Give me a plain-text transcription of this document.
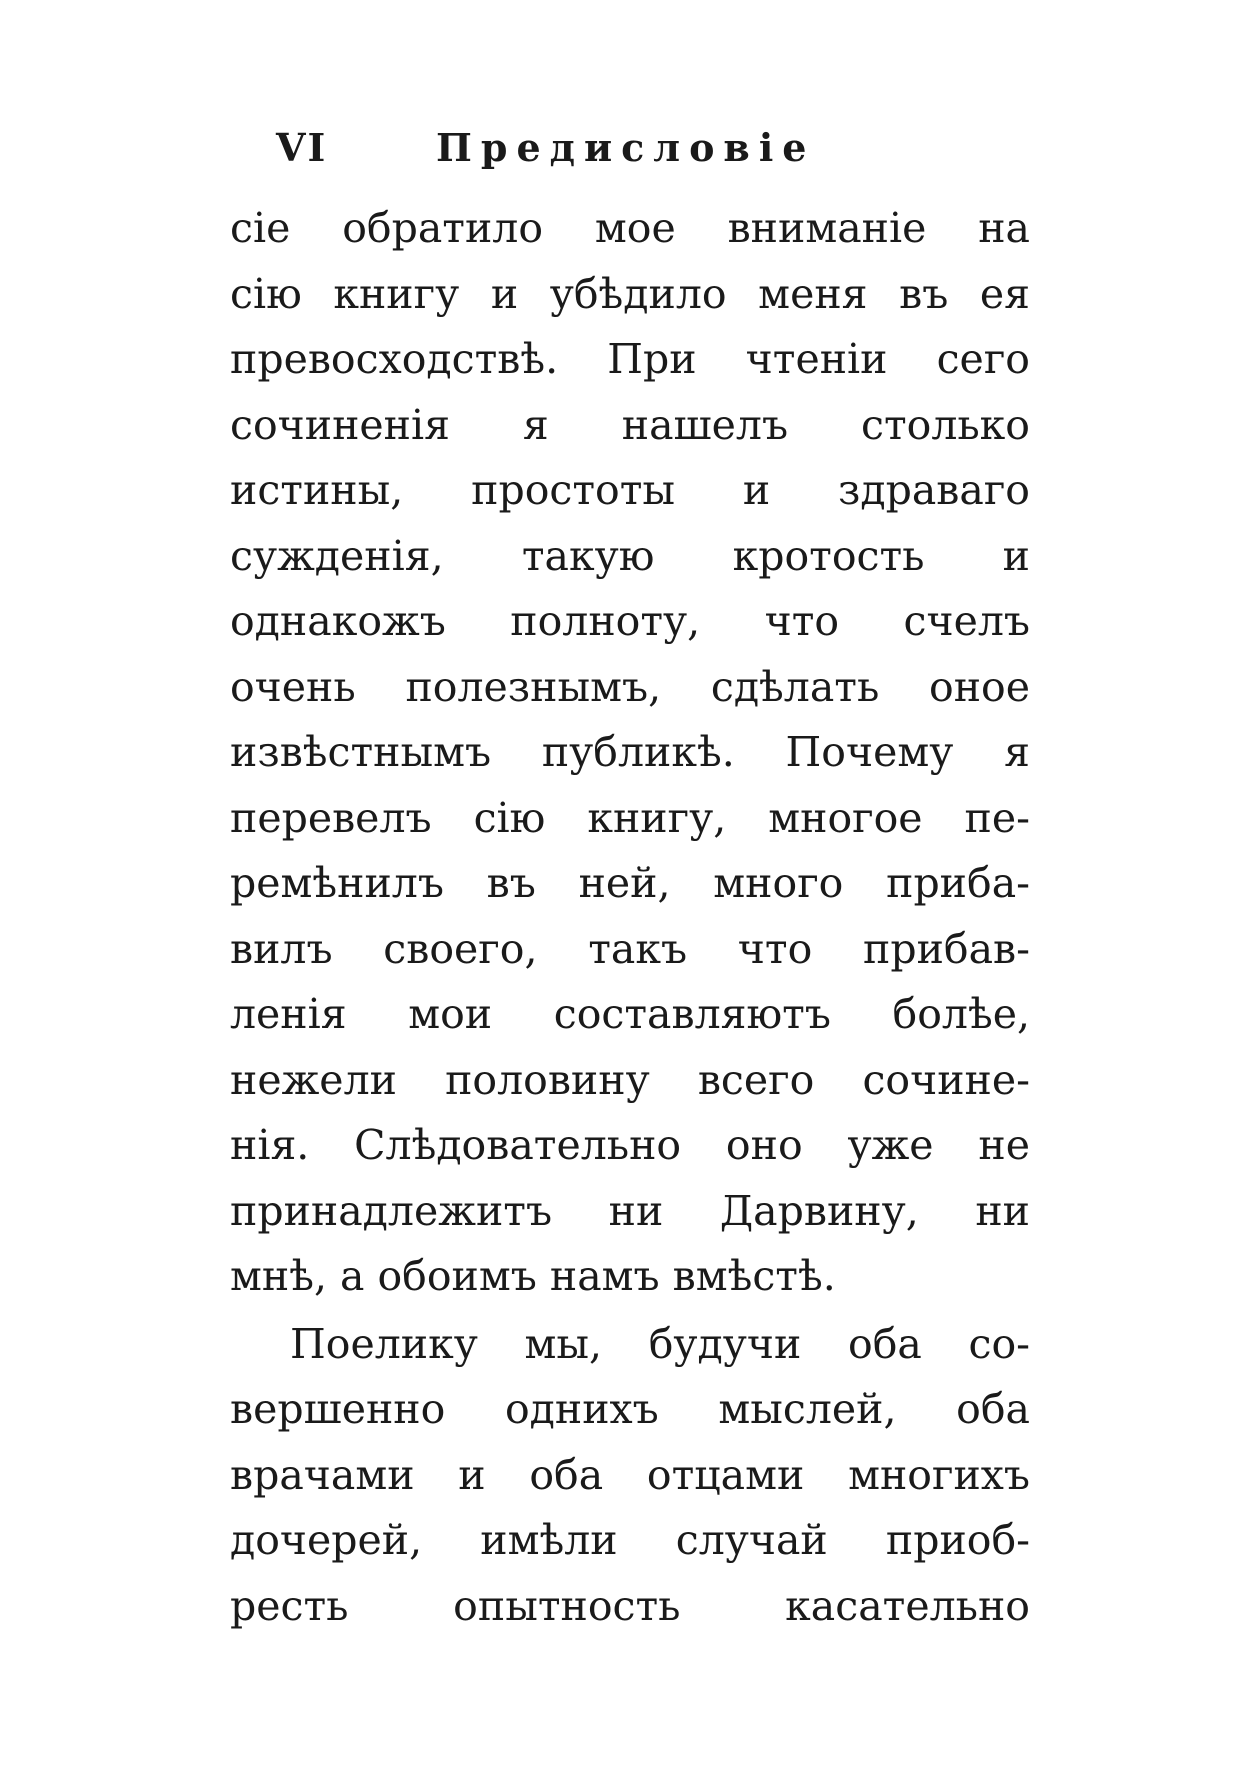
VI	Предисловіе
сіе обратило мое вниманіе на
сію книгу и убѣдило меня въ ея
превосходствѣ. При чтеніи сего
сочиненія я нашелъ столько
истины, простоты и здраваго
сужденія, такую кротость и
однакожъ полноту, что счелъ
очень полезнымъ, сдѣлать оное
извѣстнымъ публикѣ. Почему я
перевелъ сію книгу, многое пе-
ремѣнилъ въ ней, много приба-
вилъ своего, такъ что прибав-
ленія мои составляютъ болѣе,
нежели половину всего сочине-
нія. Слѣдовательно оно уже не
принадлежитъ ни Дарвину, ни
мнѣ, а обоимъ намъ вмѣстѣ.
Поелику мы, будучи оба со-
вершенно однихъ мыслей, оба
врачами и оба отцами многихъ
дочерей, имѣли случай приоб-
ресть опытность касательно
